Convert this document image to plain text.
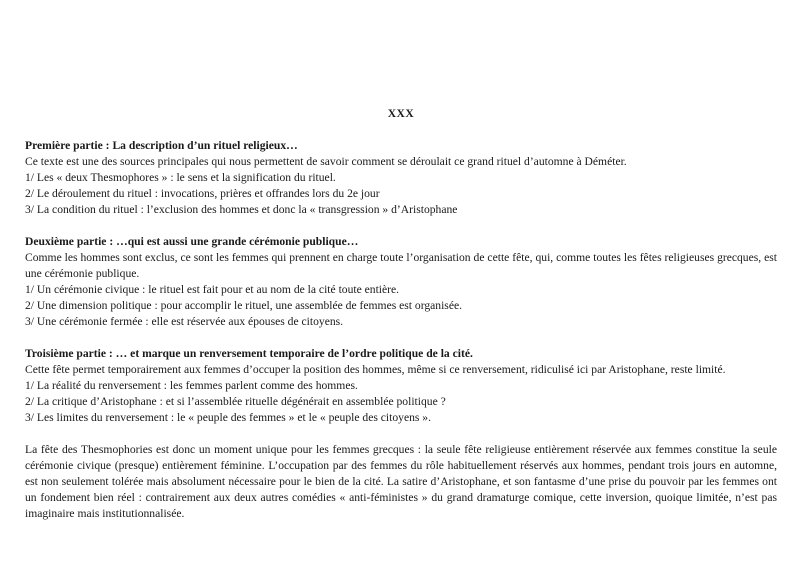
XXX
Première partie : La description d’un rituel religieux…
Ce texte est une des sources principales qui nous permettent de savoir comment se déroulait ce grand rituel d’automne à Déméter.
1/ Les « deux Thesmophores » : le sens et la signification du rituel.
2/ Le déroulement du rituel : invocations, prières et offrandes lors du 2e jour
3/ La condition du rituel : l’exclusion des hommes et donc la « transgression » d’Aristophane
Deuxième partie : …qui est aussi une grande cérémonie publique…
Comme les hommes sont exclus, ce sont les femmes qui prennent en charge toute l’organisation de cette fête, qui, comme toutes les fêtes religieuses grecques, est une cérémonie publique.
1/ Un cérémonie civique : le rituel est fait pour et au nom de la cité toute entière.
2/ Une dimension politique : pour accomplir le rituel, une assemblée de femmes est organisée.
3/ Une cérémonie fermée : elle est réservée aux épouses de citoyens.
Troisième partie : … et marque un renversement temporaire de l’ordre politique de la cité.
Cette fête permet temporairement aux femmes d’occuper la position des hommes, même si ce renversement, ridiculisé ici par Aristophane, reste limité.
1/ La réalité du renversement : les femmes parlent comme des hommes.
2/ La critique d’Aristophane : et si l’assemblée rituelle dégénérait en assemblée politique ?
3/ Les limites du renversement : le « peuple des femmes » et le « peuple des citoyens ».
La fête des Thesmophories est donc un moment unique pour les femmes grecques : la seule fête religieuse entièrement réservée aux femmes constitue la seule cérémonie civique (presque) entièrement féminine. L’occupation par des femmes du rôle habituellement réservés aux hommes, pendant trois jours en automne, est non seulement tolérée mais absolument nécessaire pour le bien de la cité. La satire d’Aristophane, et son fantasme d’une prise du pouvoir par les femmes ont un fondement bien réel : contrairement aux deux autres comédies « anti-féministes » du grand dramaturge comique, cette inversion, quoique limitée, n’est pas imaginaire mais institutionnalisée.
